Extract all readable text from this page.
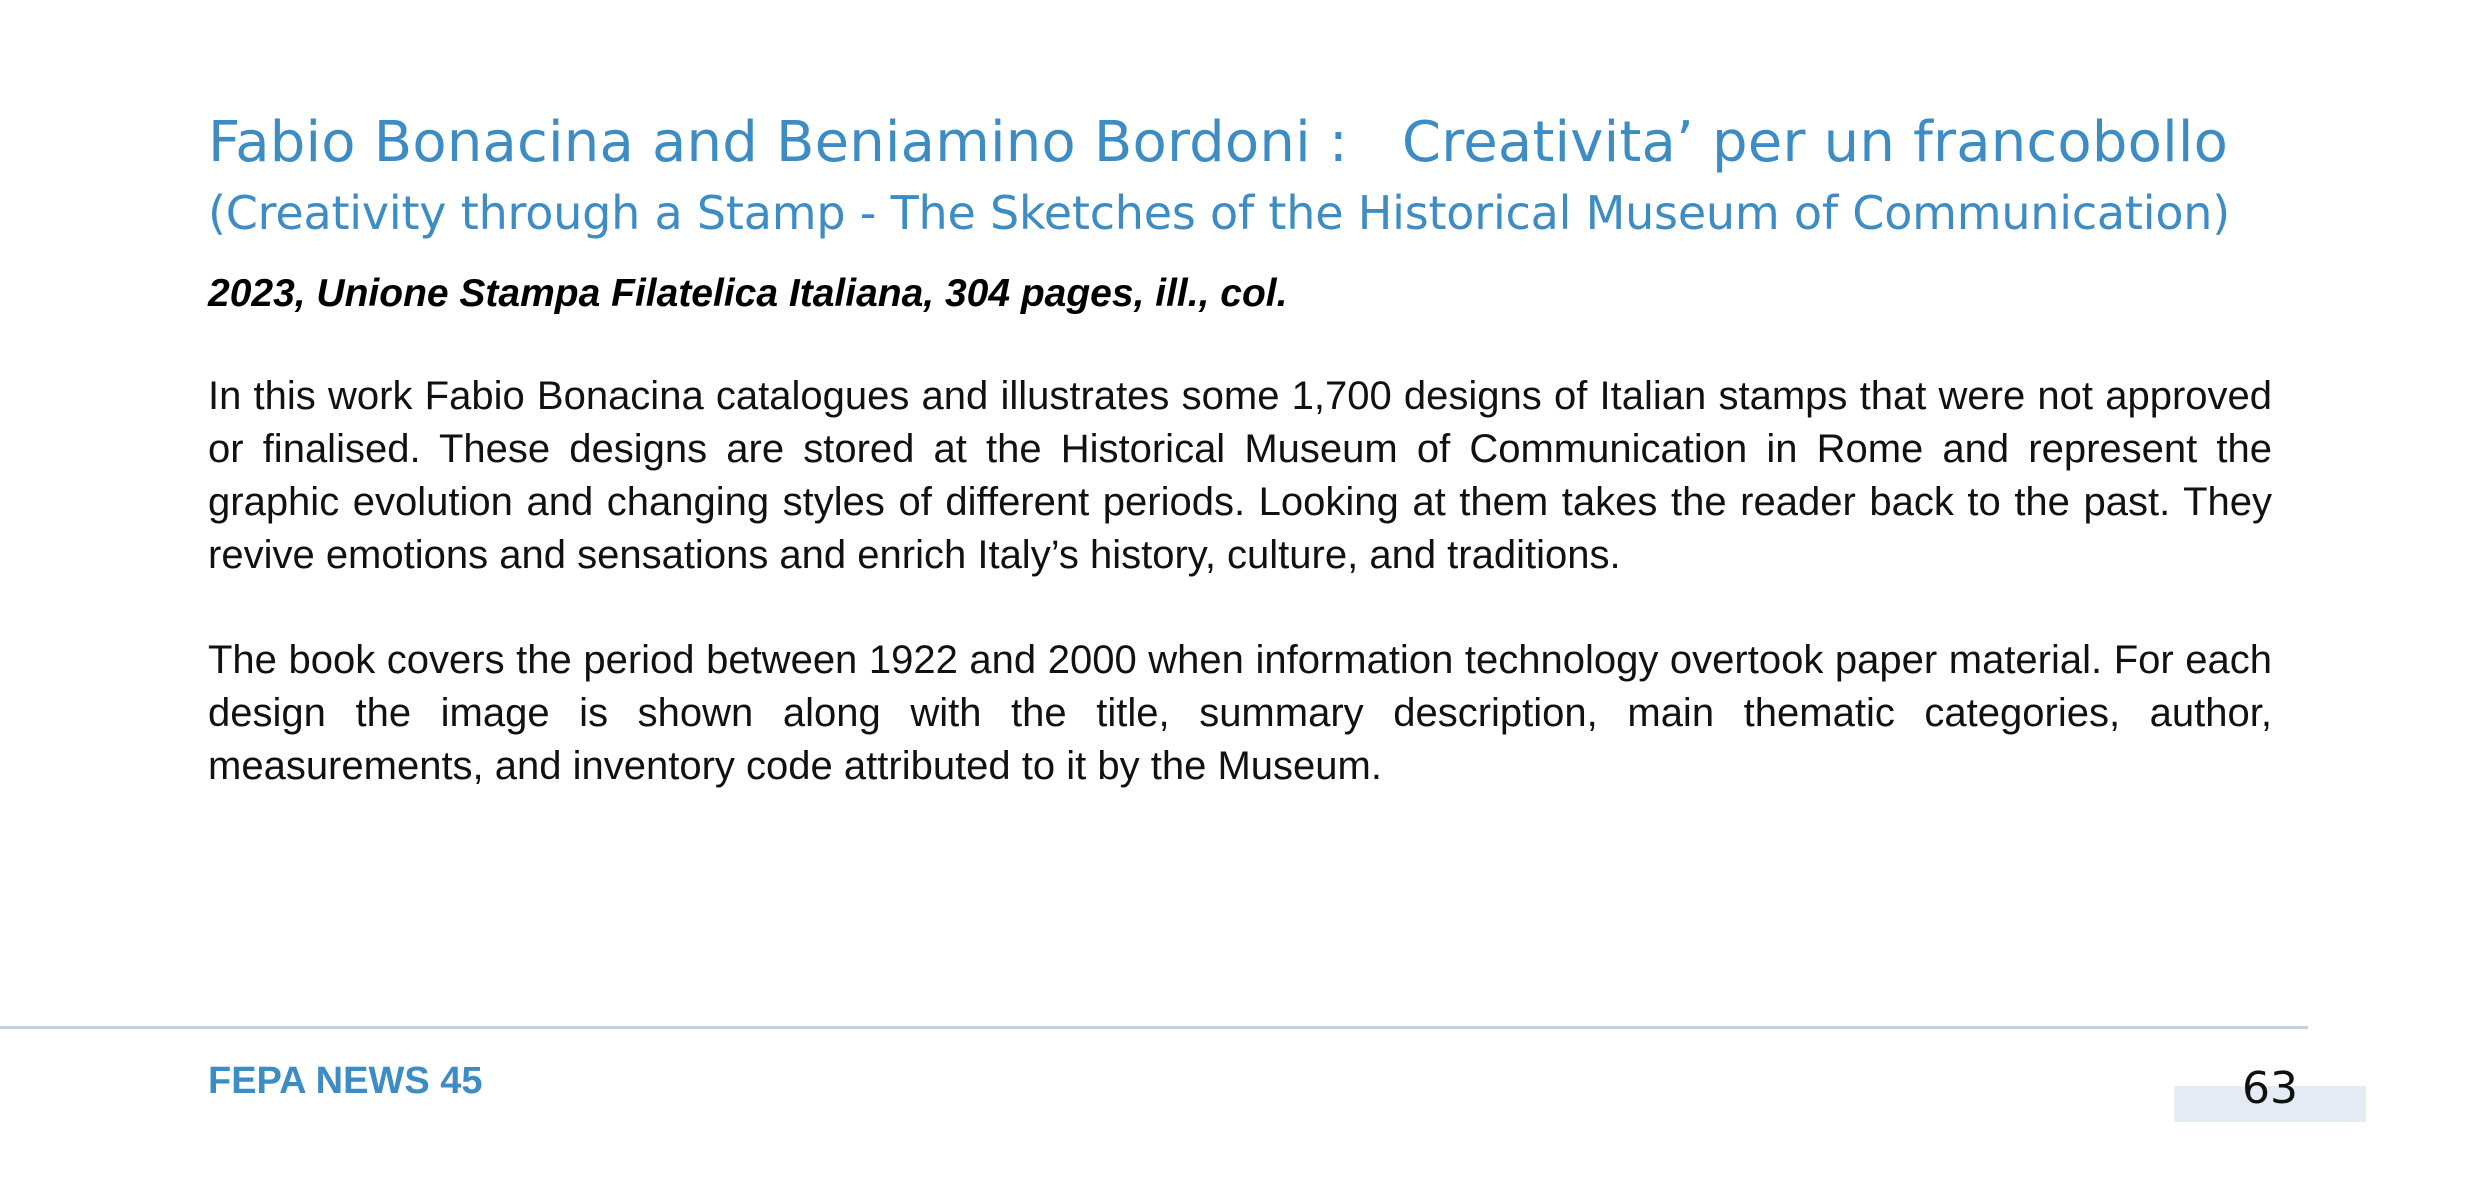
Fabio Bonacina and Beniamino Bordoni :   Creativita’ per un francobollo
(Creativity through a Stamp - The Sketches of the Historical Museum of Communication)

2023, Unione Stampa Filatelica Italiana, 304 pages, ill., col.

In this work Fabio Bonacina catalogues and illustrates some 1,700 designs of Italian stamps that were not approved or finalised. These designs are stored at the Historical Museum of Communication in Rome and represent the graphic evolution and changing styles of different periods. Looking at them takes the reader back to the past. They revive emotions and sensations and enrich Italy’s history, culture, and traditions.

The book covers the period between 1922 and 2000 when information technology overtook paper material. For each design the image is shown along with the title, summary description, main thematic categories, author, measurements, and inventory code attributed to it by the Museum.

FEPA NEWS 45	63
